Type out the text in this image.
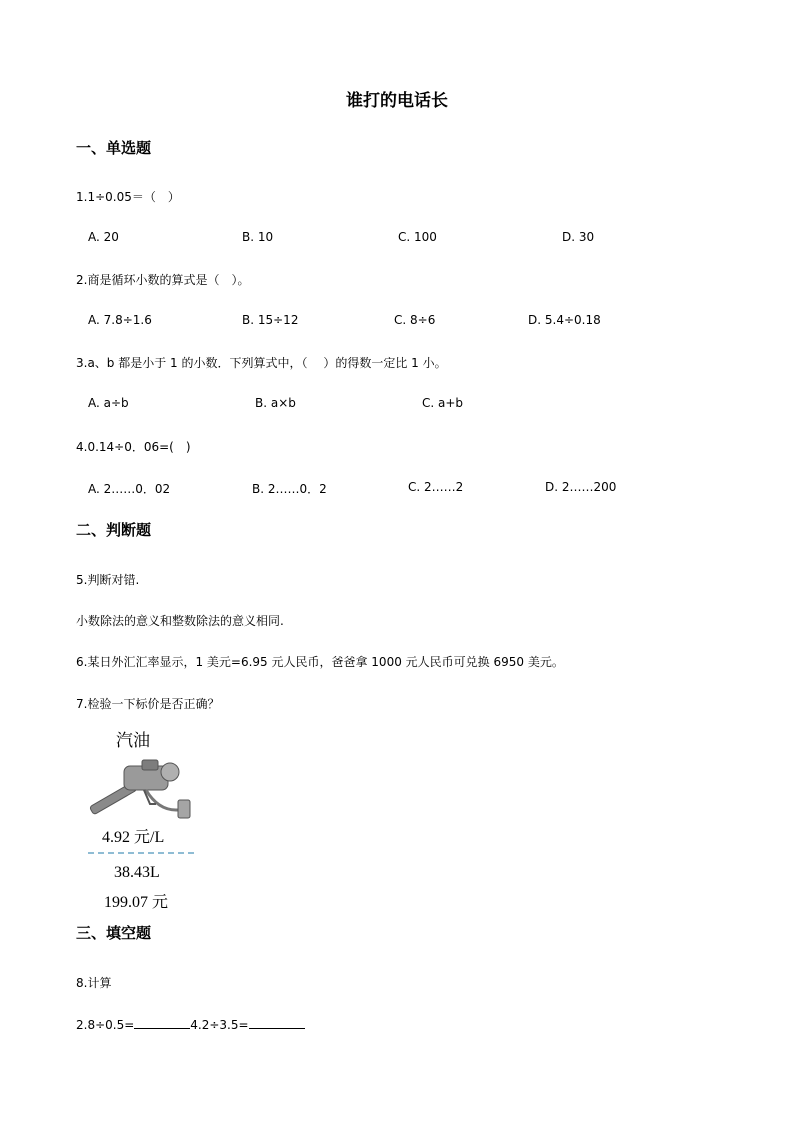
谁打的电话长
一、单选题
1.1÷0.05＝（　）
A. 20	B. 10	C. 100	D. 30
2.商是循环小数的算式是（　）。
A. 7.8÷1.6	B. 15÷12	C. 8÷6	D. 5.4÷0.18
3.a、b 都是小于 1 的小数．下列算式中，（　 ）的得数一定比 1 小。
A. a÷b	B. a×b	C. a+b
4.0.14÷0．06=(　)
A. 2……0．02	B. 2……0．2	C. 2……2	D. 2……200
二、判断题
5.判断对错.
小数除法的意义和整数除法的意义相同.
6.某日外汇汇率显示，1 美元=6.95 元人民币，爸爸拿 1000 元人民币可兑换 6950 美元。
7.检验一下标价是否正确？
汽油
4.92 元/L
38.43L
199.07 元
三、填空题
8.计算
2.8÷0.5=	4.2÷3.5=
